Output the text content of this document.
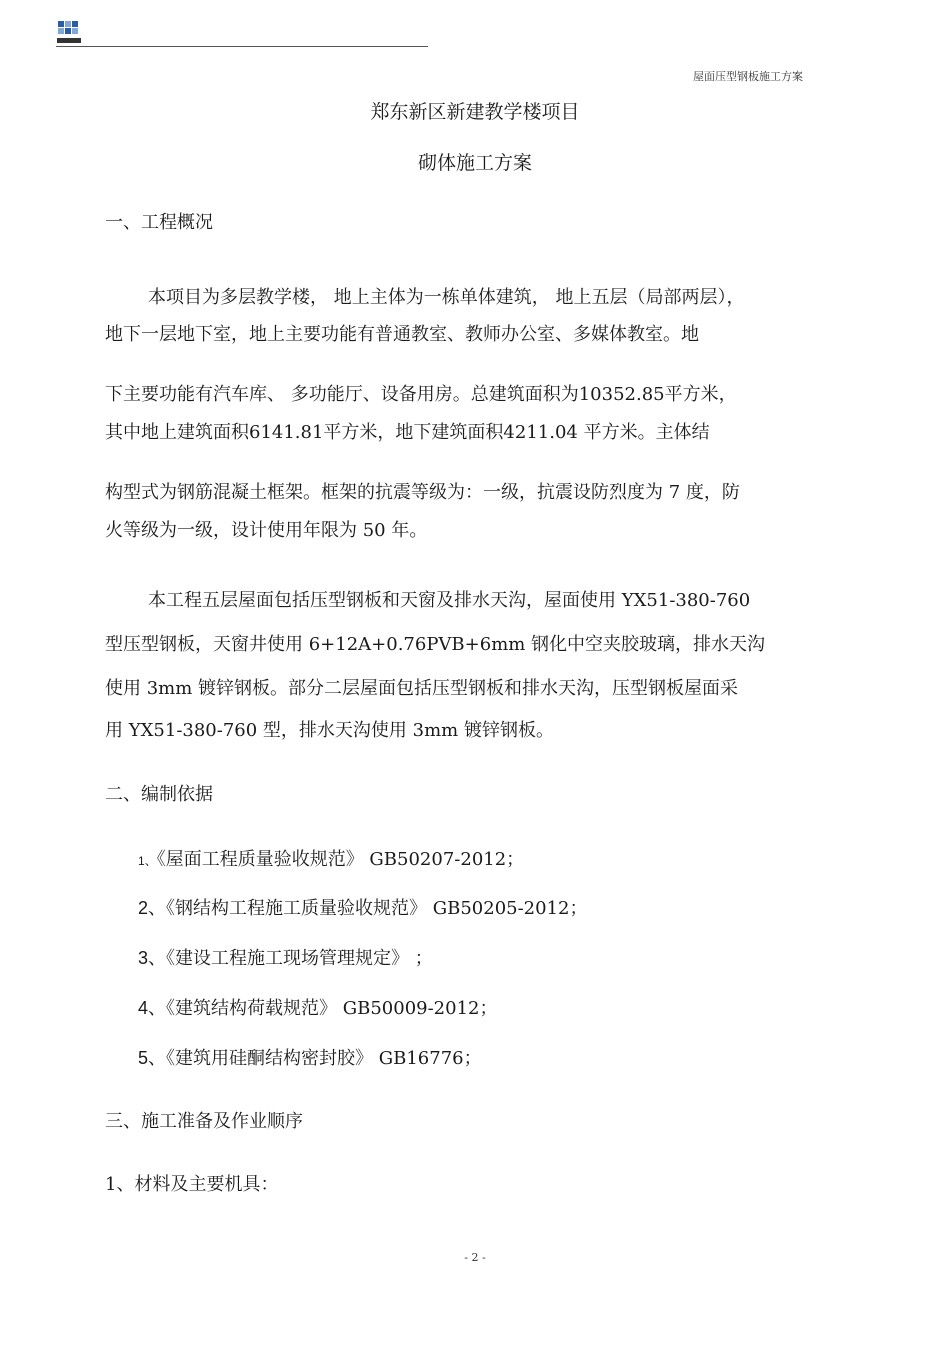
屋面压型钢板施工方案
郑东新区新建教学楼项目
砌体施工方案
一、工程概况
本项目为多层教学楼， 地上主体为一栋单体建筑， 地上五层（局部两层），
地下一层地下室，地上主要功能有普通教室、教师办公室、多媒体教室。地
下主要功能有汽车库、 多功能厅、设备用房。总建筑面积为10352.85平方米，
其中地上建筑面积6141.81平方米，地下建筑面积4211.04 平方米。主体结
构型式为钢筋混凝土框架。框架的抗震等级为：一级，抗震设防烈度为 7 度，防
火等级为一级，设计使用年限为 50 年。
本工程五层屋面包括压型钢板和天窗及排水天沟，屋面使用 YX51-380-760
型压型钢板，天窗井使用 6+12A+0.76PVB+6mm 钢化中空夹胶玻璃，排水天沟
使用 3mm 镀锌钢板。部分二层屋面包括压型钢板和排水天沟，压型钢板屋面采
用 YX51-380-760 型，排水天沟使用 3mm 镀锌钢板。
二、编制依据
1、《屋面工程质量验收规范》 GB50207-2012；
2、《钢结构工程施工质量验收规范》 GB50205-2012；
3、《建设工程施工现场管理规定》 ；
4、《建筑结构荷载规范》 GB50009-2012；
5、《建筑用硅酮结构密封胶》 GB16776；
三、施工准备及作业顺序
1、材料及主要机具：
- 2 -
